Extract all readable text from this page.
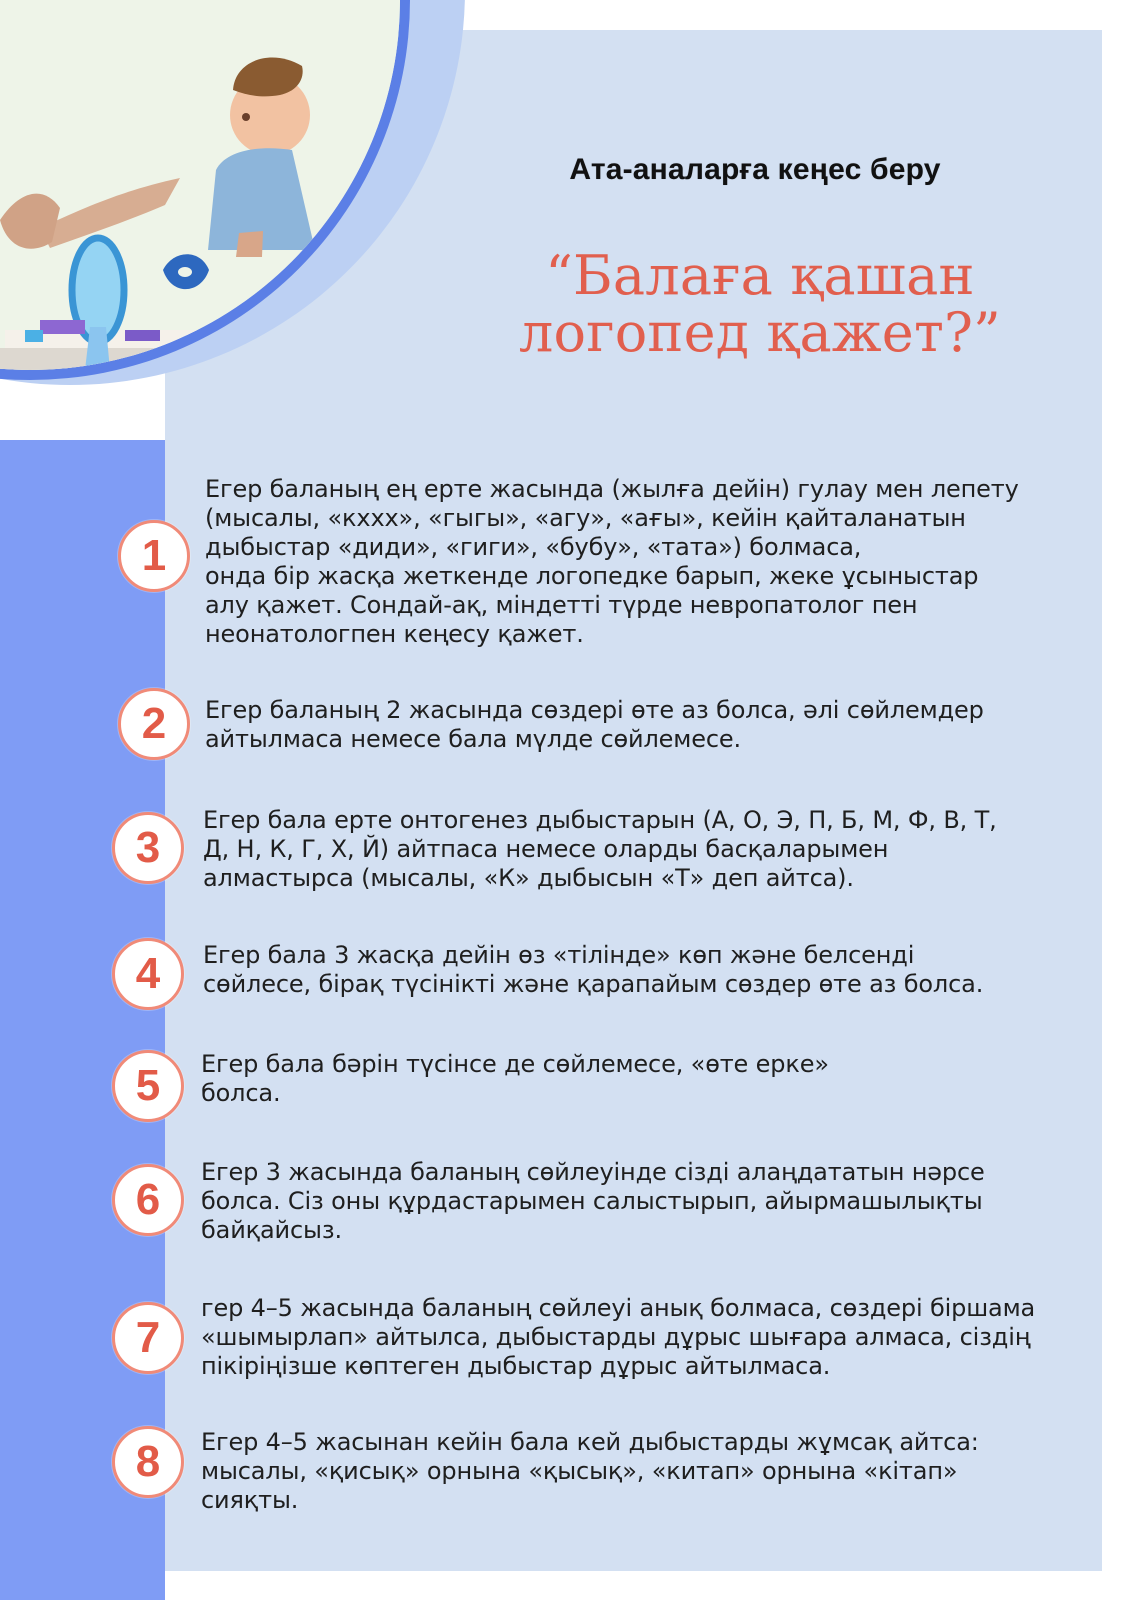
Ата-аналарға кеңес беру
“Балаға қашан
логопед қажет?”
1
Егер баланың ең ерте жасында (жылға дейін) гулау мен лепету
(мысалы, «кххх», «гыгы», «агу», «ағы», кейін қайталанатын
дыбыстар «диди», «гиги», «бубу», «тата») болмаса,
онда бір жасқа жеткенде логопедке барып, жеке ұсыныстар
алу қажет. Сондай-ақ, міндетті түрде невропатолог пен
неонатологпен кеңесу қажет.
2	Егер баланың 2 жасында сөздері өте аз болса, әлі сөйлемдер
айтылмаса немесе бала мүлде сөйлемесе.
3
Егер бала ерте онтогенез дыбыстарын (А, О, Э, П, Б, М, Ф, В, Т,
Д, Н, К, Г, Х, Й) айтпаса немесе оларды басқаларымен
алмастырса (мысалы, «К» дыбысын «Т» деп айтса).
4	Егер бала 3 жасқа дейін өз «тілінде» көп және белсенді
сөйлесе, бірақ түсінікті және қарапайым сөздер өте аз болса.
5	Егер бала бәрін түсінсе де сөйлемесе, «өте ерке»
болса.
6
Егер 3 жасында баланың сөйлеуінде сізді алаңдататын нәрсе
болса. Сіз оны құрдастарымен салыстырып, айырмашылықты
байқайсыз.
7
гер 4–5 жасында баланың сөйлеуі анық болмаса, сөздері біршама
«шымырлап» айтылса, дыбыстарды дұрыс шығара алмаса, сіздің
пікіріңізше көптеген дыбыстар дұрыс айтылмаса.
8	Егер 4–5 жасынан кейін бала кей дыбыстарды жұмсақ айтса:
мысалы, «қисық» орнына «қысық», «китап» орнына «кітап» сияқты.
